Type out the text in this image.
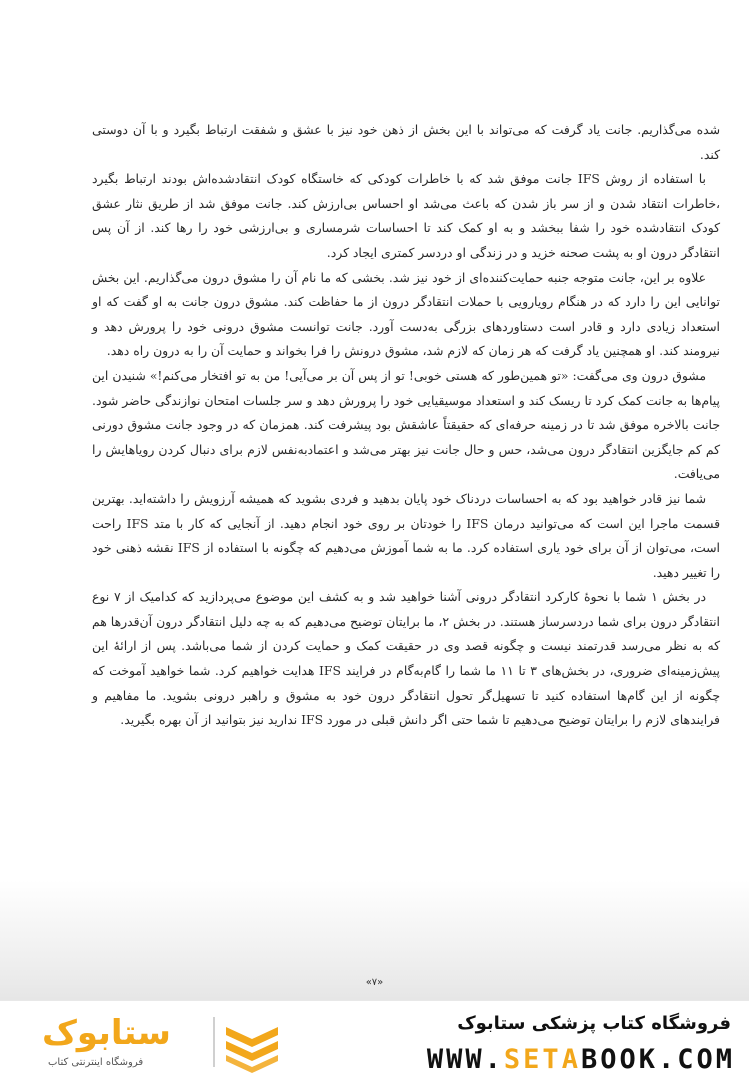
شده می‌گذاریم. جانت یاد گرفت که می‌تواند با این بخش از ذهن خود نیز با عشق و شفقت ارتباط بگیرد و با آن دوستی کند.

با استفاده از روش IFS جانت موفق شد که با خاطرات کودکی که خاستگاه کودک انتقادشده‌اش بودند ارتباط بگیرد ،خاطرات انتقاد شدن و از سر باز شدن که باعث می‌شد او احساس بی‌ارزش کند. جانت موفق شد از طریق نثار عشق کودک انتقادشده خود را شفا ببخشد و به او کمک کند تا احساسات شرمساری و بی‌ارزشی خود را رها کند. از آن پس انتقادگر درون او به پشت صحنه خزید و در زندگی او دردسر کمتری ایجاد کرد.

علاوه بر این، جانت متوجه جنبه حمایت‌کننده‌ای از خود نیز شد. بخشی که ما نام آن را مشوق درون می‌گذاریم. این بخش توانایی این را دارد که در هنگام رویارویی با حملات انتقادگر درون از ما حفاظت کند. مشوق درون جانت به او گفت که او استعداد زیادی دارد و قادر است دستاوردهای بزرگی به‌دست آورد. جانت توانست مشوق درونی خود را پرورش دهد و نیرومند کند. او همچنین یاد گرفت که هر زمان که لازم شد، مشوق درونش را فرا بخواند و حمایت آن را به درون راه دهد.

مشوق درون وی می‌گفت: «تو همین‌طور که هستی خوبی! تو از پس آن بر می‌آیی! من به تو افتخار می‌کنم!» شنیدن این پیام‌ها به جانت کمک کرد تا ریسک کند و استعداد موسیقیایی خود را پرورش دهد و سر جلسات امتحان نوازندگی حاضر شود. جانت بالاخره موفق شد تا در زمینه حرفه‌ای که حقیقتاً عاشقش بود پیشرفت کند. همزمان که در وجود جانت مشوق دورنی کم کم جایگزین انتقادگر درون می‌شد، حس و حال جانت نیز بهتر می‌شد و اعتمادبه‌نفس لازم برای دنبال کردن رویاهایش را می‌یافت.

شما نیز قادر خواهید بود که به احساسات دردناک خود پایان بدهید و فردی بشوید که همیشه آرزویش را داشته‌اید. بهترین قسمت ماجرا این است که می‌توانید درمان IFS را خودتان بر روی خود انجام دهید. از آنجایی که کار با متد IFS راحت است، می‌توان از آن برای خود یاری استفاده کرد. ما به شما آموزش می‌دهیم که چگونه با استفاده از IFS نقشه ذهنی خود را تغییر دهید.

در بخش ۱ شما با نحوۀ کارکرد انتقادگر درونی آشنا خواهید شد و به کشف این موضوع می‌پردازید که کدامیک از ۷ نوع انتقادگر درون برای شما دردسرساز هستند. در بخش ۲، ما برایتان توضیح می‌دهیم که به چه دلیل انتقادگر درون آن‌قدرها هم که به نظر می‌رسد قدرتمند نیست و چگونه قصد وی در حقیقت کمک و حمایت کردن از شما می‌باشد. پس از ارائۀ این پیش‌زمینه‌ای ضروری، در بخش‌های ۳ تا ۱۱ ما شما را گام‌به‌گام در فرایند IFS هدایت خواهیم کرد. شما خواهید آموخت که چگونه از این گام‌ها استفاده کنید تا تسهیل‌گر تحول انتقادگر درون خود به مشوق و راهبر درونی بشوید. ما مفاهیم و فرایندهای لازم را برایتان توضیح می‌دهیم تا شما حتی اگر دانش قبلی در مورد IFS ندارید نیز بتوانید از آن بهره بگیرید.

«۷»
ستابوک
فروشگاه اینترنتی کتاب
فروشگاه کتاب پزشکی ستابوک
WWW.SETABOOK.COM
